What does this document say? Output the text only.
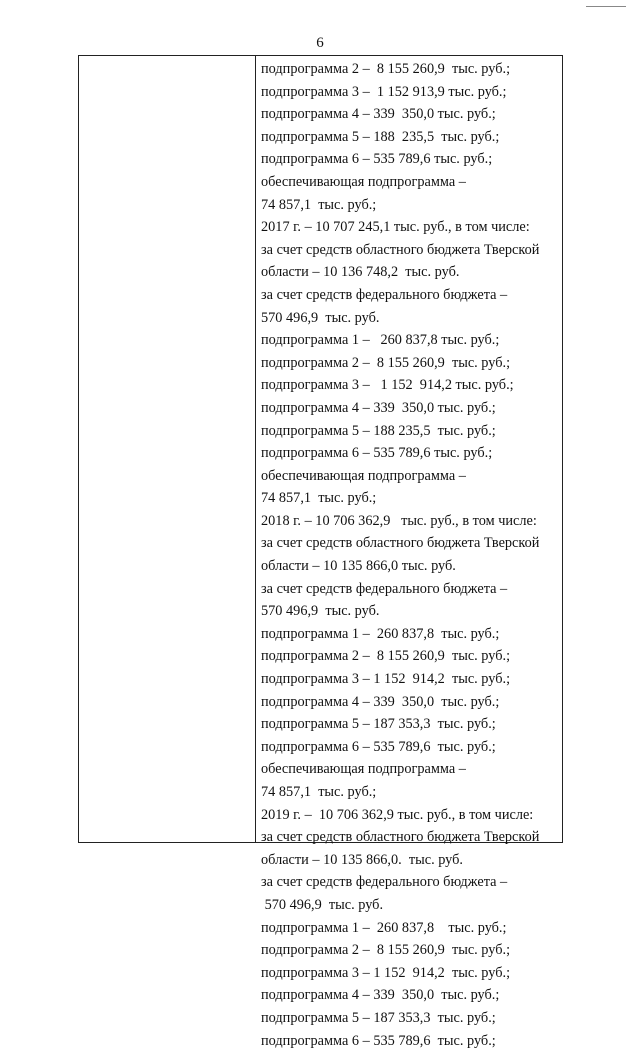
6
подпрограмма 2 –  8 155 260,9  тыс. руб.;
подпрограмма 3 –  1 152 913,9 тыс. руб.;
подпрограмма 4 – 339  350,0 тыс. руб.;
подпрограмма 5 – 188  235,5  тыс. руб.;
подпрограмма 6 – 535 789,6 тыс. руб.;
обеспечивающая подпрограмма –
74 857,1  тыс. руб.;
2017 г. – 10 707 245,1 тыс. руб., в том числе:
за счет средств областного бюджета Тверской
области – 10 136 748,2  тыс. руб.
за счет средств федерального бюджета –
570 496,9  тыс. руб.
подпрограмма 1 –   260 837,8 тыс. руб.;
подпрограмма 2 –  8 155 260,9  тыс. руб.;
подпрограмма 3 –   1 152  914,2 тыс. руб.;
подпрограмма 4 – 339  350,0 тыс. руб.;
подпрограмма 5 – 188 235,5  тыс. руб.;
подпрограмма 6 – 535 789,6 тыс. руб.;
обеспечивающая подпрограмма –
74 857,1  тыс. руб.;
2018 г. – 10 706 362,9   тыс. руб., в том числе:
за счет средств областного бюджета Тверской
области – 10 135 866,0 тыс. руб.
за счет средств федерального бюджета –
570 496,9  тыс. руб.
подпрограмма 1 –  260 837,8  тыс. руб.;
подпрограмма 2 –  8 155 260,9  тыс. руб.;
подпрограмма 3 – 1 152  914,2  тыс. руб.;
подпрограмма 4 – 339  350,0  тыс. руб.;
подпрограмма 5 – 187 353,3  тыс. руб.;
подпрограмма 6 – 535 789,6  тыс. руб.;
обеспечивающая подпрограмма –
74 857,1  тыс. руб.;
2019 г. –  10 706 362,9 тыс. руб., в том числе:
за счет средств областного бюджета Тверской
области – 10 135 866,0.  тыс. руб.
за счет средств федерального бюджета –
570 496,9  тыс. руб.
подпрограмма 1 –  260 837,8    тыс. руб.;
подпрограмма 2 –  8 155 260,9  тыс. руб.;
подпрограмма 3 – 1 152  914,2  тыс. руб.;
подпрограмма 4 – 339  350,0  тыс. руб.;
подпрограмма 5 – 187 353,3  тыс. руб.;
подпрограмма 6 – 535 789,6  тыс. руб.;
